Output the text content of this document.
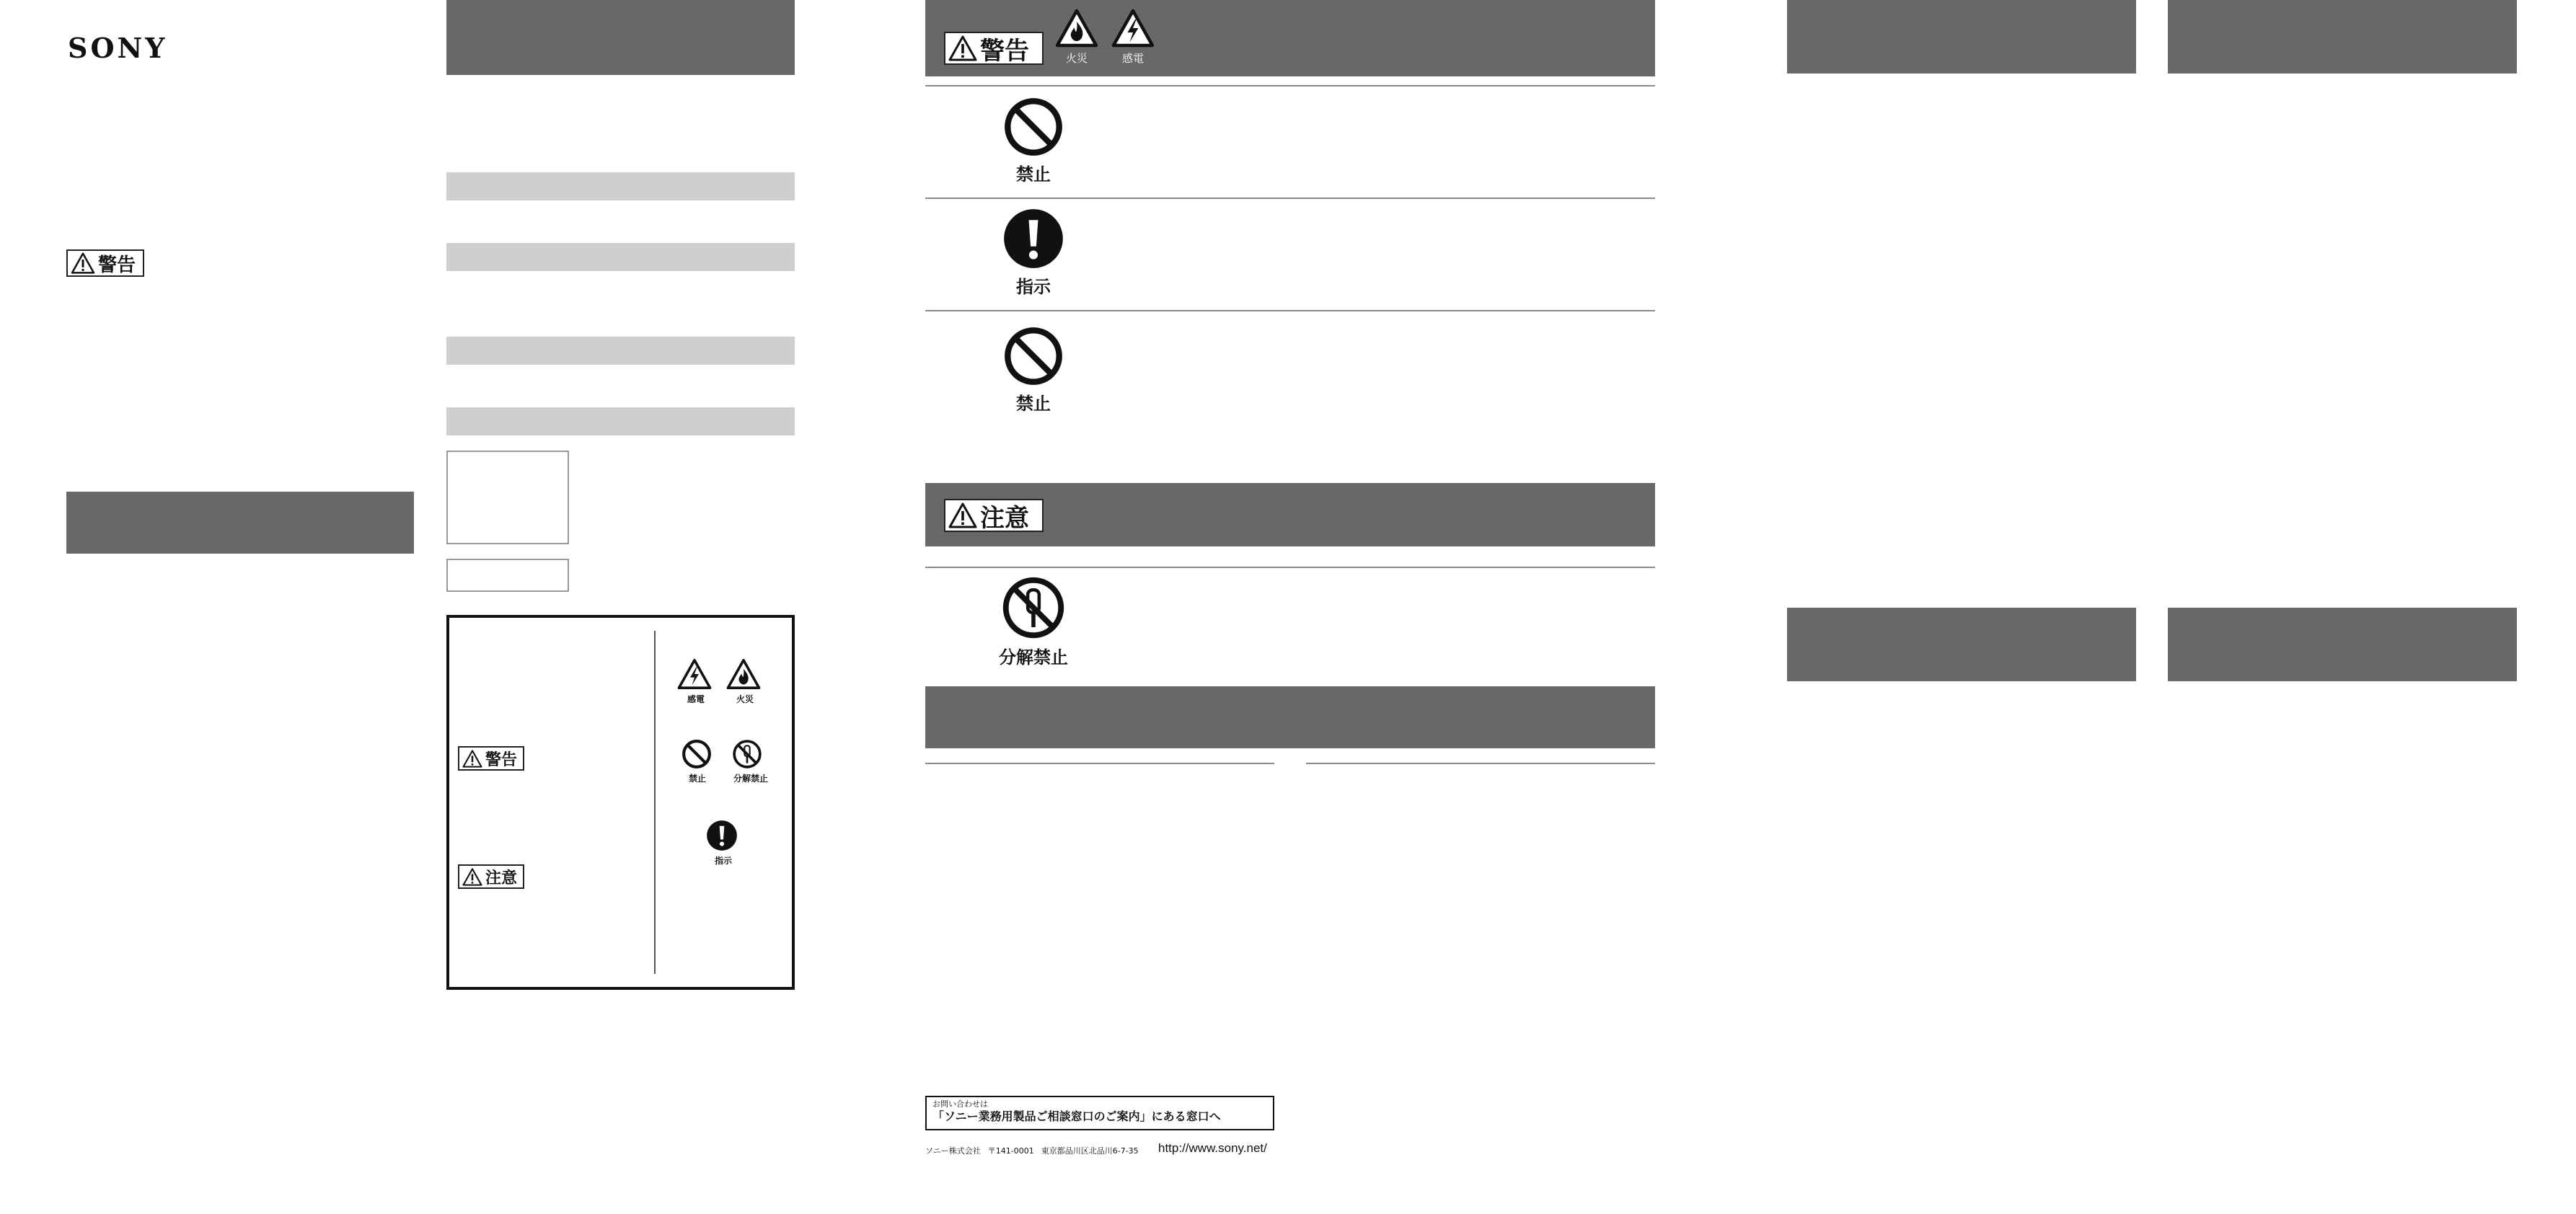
SONY
警告
警告
注意
感電	火災
禁止	分解禁止
指示
警告	火災	感電
禁止
指示
禁止
注意
分解禁止
お問い合わせは
「ソニー業務用製品ご相談窓口のご案内」にある窓口へ
ソニー株式会社 〒141-0001 東京都品川区北品川6-7-35 http://www.sony.net/
